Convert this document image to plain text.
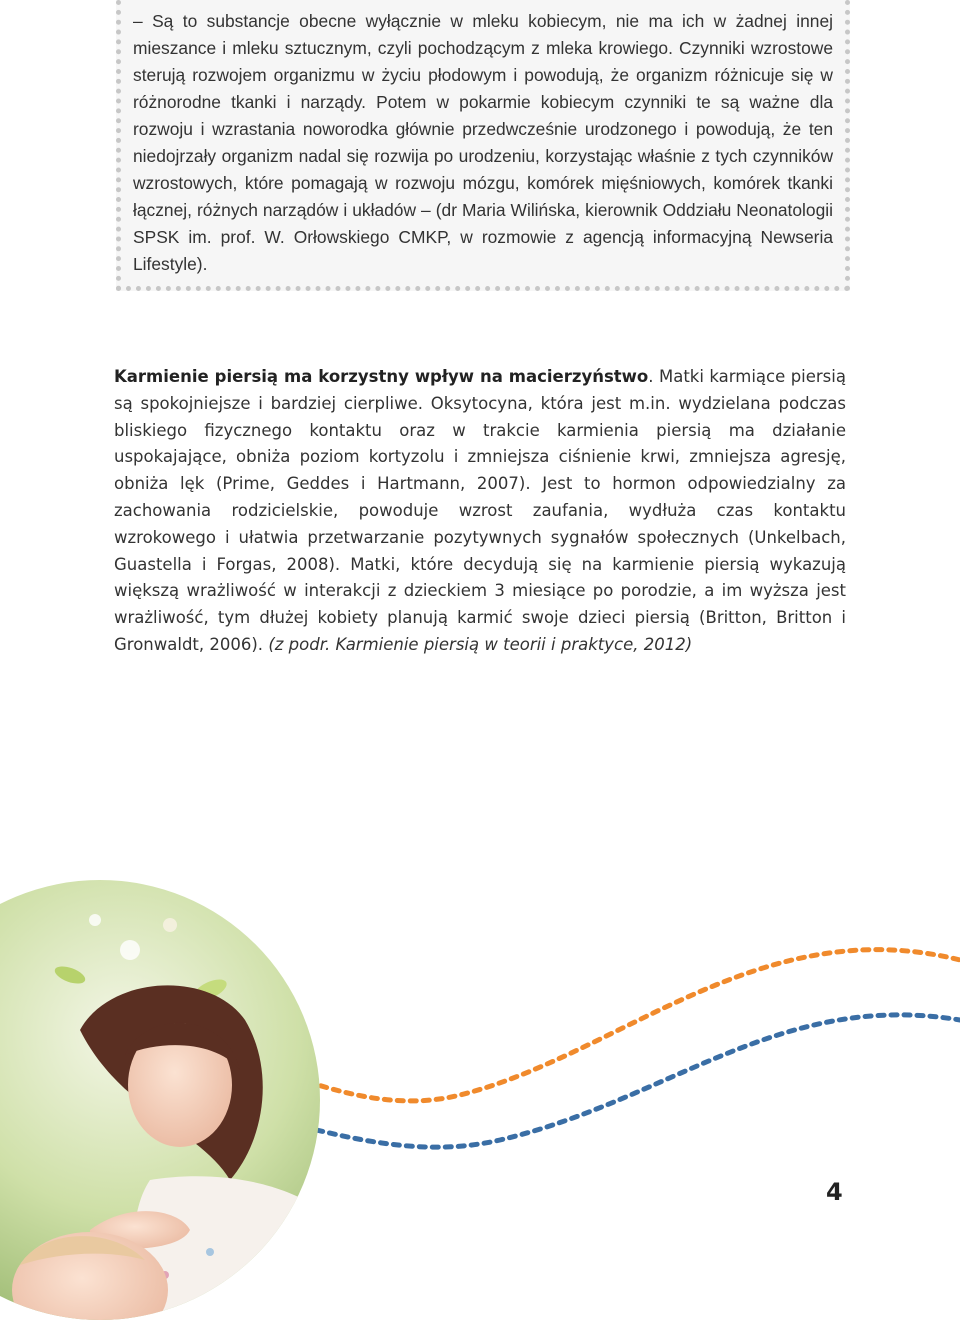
– Są to substancje obecne wyłącznie w mleku kobiecym, nie ma ich w żadnej innej mieszance i mleku sztucznym, czyli pochodzącym z mleka krowiego. Czynniki wzrostowe sterują rozwojem organizmu w życiu płodowym i powodują, że organizm różnicuje się w różnorodne tkanki i narządy. Potem w pokarmie kobiecym czynniki te są ważne dla rozwoju i wzrastania noworodka głównie przedwcześnie urodzonego i powodują, że ten niedojrzały organizm nadal się rozwija po urodzeniu, korzystając właśnie z tych czynników wzrostowych, które pomagają w rozwoju mózgu, komórek mięśniowych, komórek tkanki łącznej, różnych narządów i układów – (dr Maria Wilińska, kierownik Oddziału Neonatologii SPSK im. prof. W. Orłowskiego CMKP, w rozmowie z agencją informacyjną Newseria Lifestyle).

Karmienie piersią ma korzystny wpływ na macierzyństwo. Matki karmiące piersią są spokojniejsze i bardziej cierpliwe. Oksytocyna, która jest m.in. wydzielana podczas bliskiego fizycznego kontaktu oraz w trakcie karmienia piersią ma działanie uspokajające, obniża poziom kortyzolu i zmniejsza ciśnienie krwi, zmniejsza agresję, obniża lęk (Prime, Geddes i Hartmann, 2007). Jest to hormon odpowiedzialny za zachowania rodzicielskie, powoduje wzrost zaufania, wydłuża czas kontaktu wzrokowego i ułatwia przetwarzanie pozytywnych sygnałów społecznych (Unkelbach, Guastella i Forgas, 2008). Matki, które decydują się na karmienie piersią wykazują większą wrażliwość w interakcji z dzieckiem 3 miesiące po porodzie, a im wyższa jest wrażliwość, tym dłużej kobiety planują karmić swoje dzieci piersią (Britton, Britton i Gronwaldt, 2006). (z podr. Karmienie piersią w teorii i praktyce, 2012)

4
